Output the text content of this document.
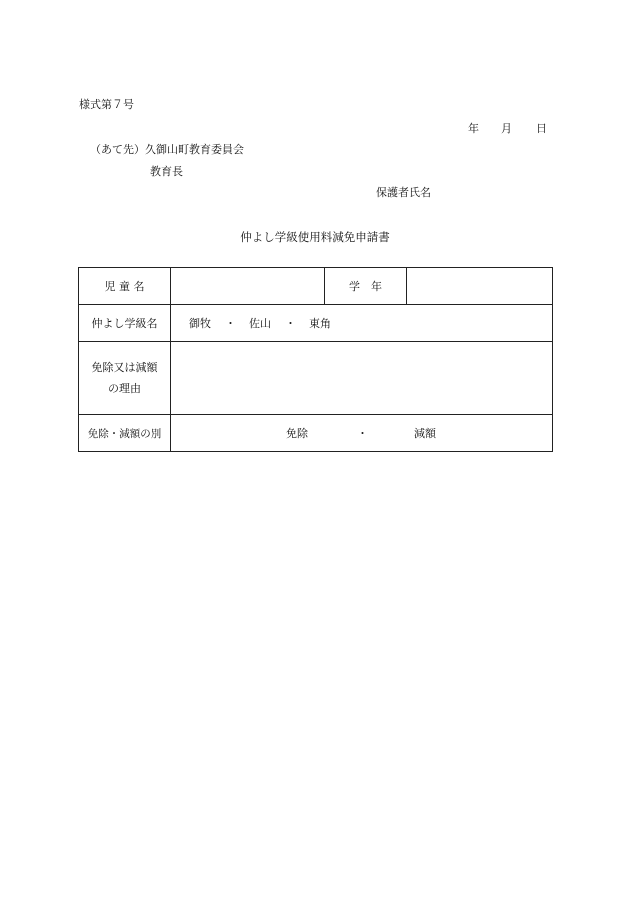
様式第７号
年 月 日
（あて先）久御山町教育委員会
教育長
保護者氏名
仲よし学級使用料減免申請書
児 童 名		学　年	
仲よし学級名	御牧 ・ 佐山 ・ 東角		

免除又は減額
の理由			

免除・減額の別	免除 ・ 減額		
